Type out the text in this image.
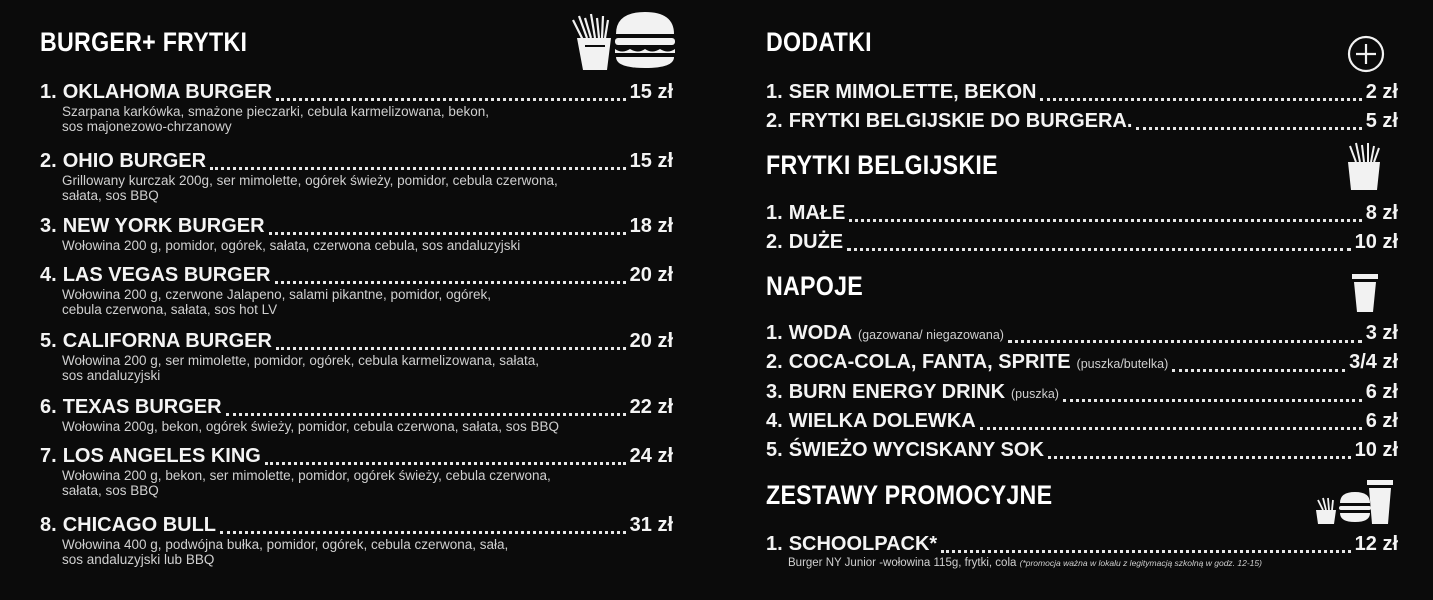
BURGER+ FRYTKI
1. OKLAHOMA BURGER	15 zł
Szarpana karkówka, smażone pieczarki, cebula karmelizowana, bekon,
sos majonezowo-chrzanowy
2. OHIO BURGER	15 zł
Grillowany kurczak 200g, ser mimolette, ogórek świeży, pomidor, cebula czerwona,
sałata, sos BBQ
3. NEW YORK BURGER	18 zł
Wołowina 200 g, pomidor, ogórek, sałata, czerwona cebula, sos andaluzyjski
4. LAS VEGAS BURGER	20 zł
Wołowina 200 g, czerwone Jalapeno, salami pikantne, pomidor, ogórek,
cebula czerwona, sałata, sos hot LV
5. CALIFORNA BURGER	20 zł
Wołowina 200 g, ser mimolette, pomidor, ogórek, cebula karmelizowana, sałata,
sos andaluzyjski
6. TEXAS BURGER	22 zł
Wołowina 200g, bekon, ogórek świeży, pomidor, cebula czerwona, sałata, sos BBQ
7. LOS ANGELES KING	24 zł
Wołowina 200 g, bekon, ser mimolette, pomidor, ogórek świeży, cebula czerwona,
sałata, sos BBQ
8. CHICAGO BULL	31 zł
Wołowina 400 g, podwójna bułka, pomidor, ogórek, cebula czerwona, sała,
sos andaluzyjski lub BBQ
DODATKI
1. SER MIMOLETTE, BEKON	2 zł
2. FRYTKI BELGIJSKIE DO BURGERA.	5 zł
FRYTKI BELGIJSKIE
1. MAŁE	8 zł
2. DUŻE	10 zł
NAPOJE
1. WODA (gazowana/ niegazowana)	3 zł
2. COCA-COLA, FANTA, SPRITE (puszka/butelka)	3/4 zł
3. BURN ENERGY DRINK (puszka)	6 zł
4. WIELKA DOLEWKA	6 zł
5. ŚWIEŻO WYCISKANY SOK	10 zł
ZESTAWY PROMOCYJNE
1. SCHOOLPACK*	12 zł
Burger NY Junior -wołowina 115g, frytki, cola (*promocja ważna w lokalu z legitymacją szkolną w godz. 12-15)
